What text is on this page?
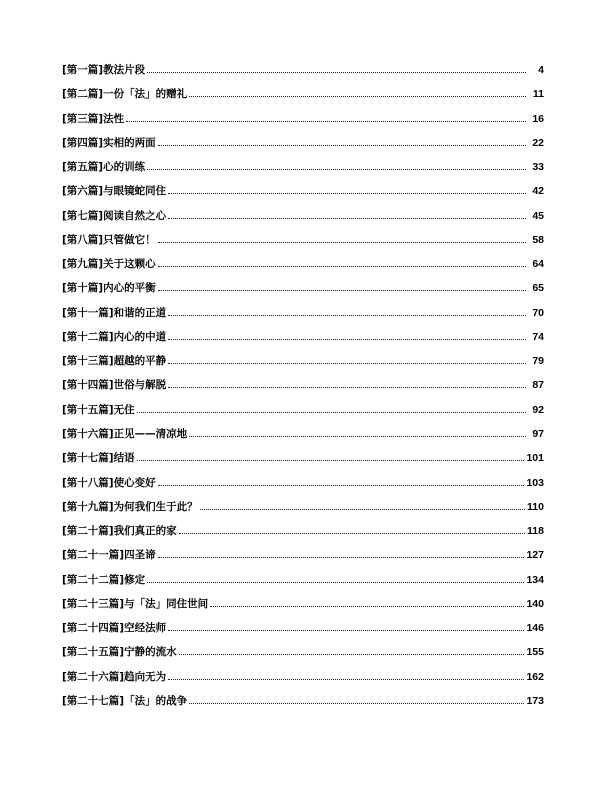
[第一篇] 教法片段	4
[第二篇] 一份「法」的赠礼	11
[第三篇] 法性	16
[第四篇] 实相的两面	22
[第五篇] 心的训练	33
[第六篇] 与眼镜蛇同住	42
[第七篇] 阅读自然之心	45
[第八篇] 只管做它！	58
[第九篇] 关于这颗心	64
[第十篇] 内心的平衡	65
[第十一篇] 和谐的正道	70
[第十二篇] 内心的中道	74
[第十三篇] 超越的平静	79
[第十四篇] 世俗与解脱	87
[第十五篇] 无住	92
[第十六篇] 正见——清凉地	97
[第十七篇] 结语	101
[第十八篇] 使心变好	103
[第十九篇] 为何我们生于此？	110
[第二十篇] 我们真正的家	118
[第二十一篇] 四圣谛	127
[第二十二篇] 修定	134
[第二十三篇] 与「法」同住世间	140
[第二十四篇] 空经法师	146
[第二十五篇] 宁静的流水	155
[第二十六篇] 趋向无为	162
[第二十七篇] 「法」的战争	173
